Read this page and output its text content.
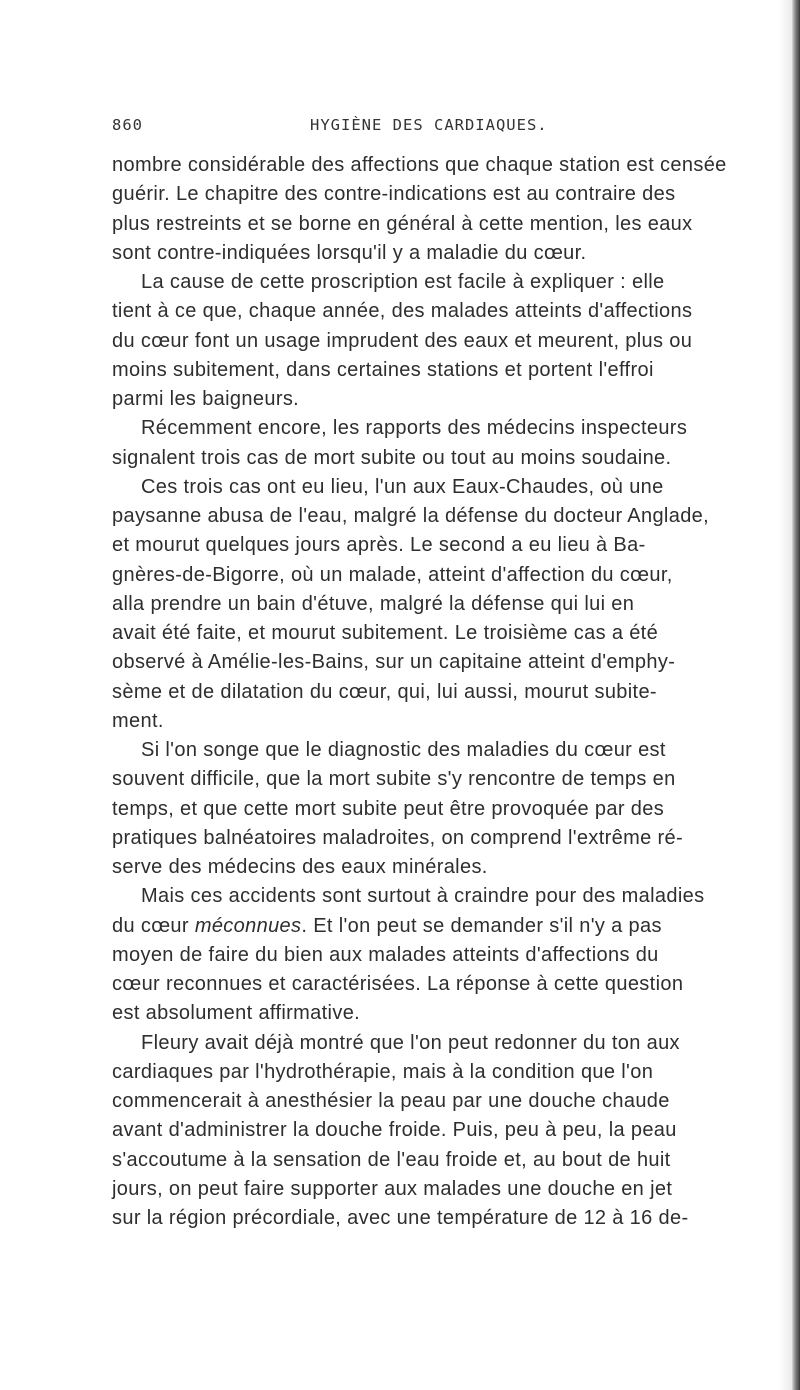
860	HYGIÈNE DES CARDIAQUES.
nombre considérable des affections que chaque station est censée
guérir. Le chapitre des contre-indications est au contraire des
plus restreints et se borne en général à cette mention, les eaux
sont contre-indiquées lorsqu'il y a maladie du cœur.
La cause de cette proscription est facile à expliquer : elle
tient à ce que, chaque année, des malades atteints d'affections
du cœur font un usage imprudent des eaux et meurent, plus ou
moins subitement, dans certaines stations et portent l'effroi
parmi les baigneurs.
Récemment encore, les rapports des médecins inspecteurs
signalent trois cas de mort subite ou tout au moins soudaine.
Ces trois cas ont eu lieu, l'un aux Eaux-Chaudes, où une
paysanne abusa de l'eau, malgré la défense du docteur Anglade,
et mourut quelques jours après. Le second a eu lieu à Ba-
gnères-de-Bigorre, où un malade, atteint d'affection du cœur,
alla prendre un bain d'étuve, malgré la défense qui lui en
avait été faite, et mourut subitement. Le troisième cas a été
observé à Amélie-les-Bains, sur un capitaine atteint d'emphy-
sème et de dilatation du cœur, qui, lui aussi, mourut subite-
ment.
Si l'on songe que le diagnostic des maladies du cœur est
souvent difficile, que la mort subite s'y rencontre de temps en
temps, et que cette mort subite peut être provoquée par des
pratiques balnéatoires maladroites, on comprend l'extrême ré-
serve des médecins des eaux minérales.
Mais ces accidents sont surtout à craindre pour des maladies
du cœur méconnues. Et l'on peut se demander s'il n'y a pas
moyen de faire du bien aux malades atteints d'affections du
cœur reconnues et caractérisées. La réponse à cette question
est absolument affirmative.
Fleury avait déjà montré que l'on peut redonner du ton aux
cardiaques par l'hydrothérapie, mais à la condition que l'on
commencerait à anesthésier la peau par une douche chaude
avant d'administrer la douche froide. Puis, peu à peu, la peau
s'accoutume à la sensation de l'eau froide et, au bout de huit
jours, on peut faire supporter aux malades une douche en jet
sur la région précordiale, avec une température de 12 à 16 de-
